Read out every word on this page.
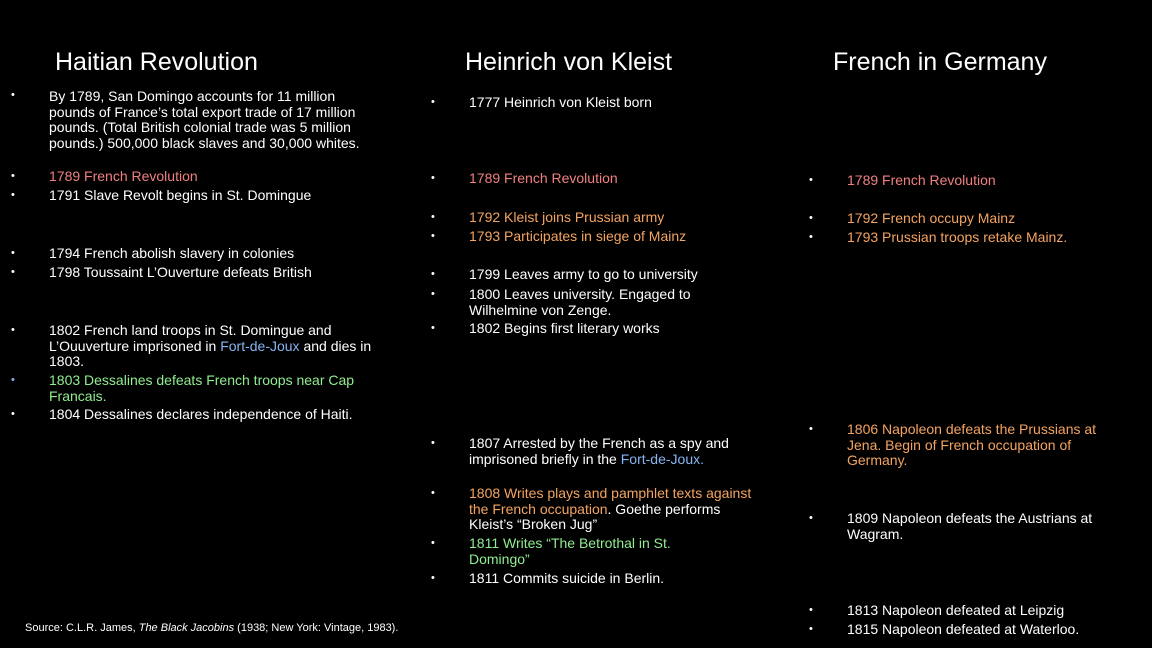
Haitian Revolution	Heinrich von Kleist	French in Germany
• By 1789, San Domingo accounts for 11 million pounds of France’s total export trade of 17 million pounds. (Total British colonial trade was 5 million pounds.) 500,000 black slaves and 30,000 whites.
• 1789 French Revolution
• 1791 Slave Revolt begins in St. Domingue
• 1794 French abolish slavery in colonies
• 1798 Toussaint L’Ouverture defeats British
• 1802 French land troops in St. Domingue and L’Ouuverture imprisoned in Fort-de-Joux and dies in 1803.
• 1803 Dessalines defeats French troops near Cap Francais.
• 1804 Dessalines declares independence of Haiti.
• 1777 Heinrich von Kleist born
• 1789 French Revolution
• 1792 Kleist joins Prussian army
• 1793 Participates in siege of Mainz
• 1799 Leaves army to go to university
• 1800 Leaves university. Engaged to Wilhelmine von Zenge.
• 1802 Begins first literary works
• 1807 Arrested by the French as a spy and imprisoned briefly in the Fort-de-Joux.
• 1808 Writes plays and pamphlet texts against the French occupation. Goethe performs Kleist’s “Broken Jug”
• 1811 Writes “The Betrothal in St. Domingo”
• 1811 Commits suicide in Berlin.
• 1789 French Revolution
• 1792 French occupy Mainz
• 1793 Prussian troops retake Mainz.
• 1806 Napoleon defeats the Prussians at Jena. Begin of French occupation of Germany.
• 1809 Napoleon defeats the Austrians at Wagram.
• 1813 Napoleon defeated at Leipzig
• 1815 Napoleon defeated at Waterloo.
Source: C.L.R. James, The Black Jacobins (1938; New York: Vintage, 1983).
